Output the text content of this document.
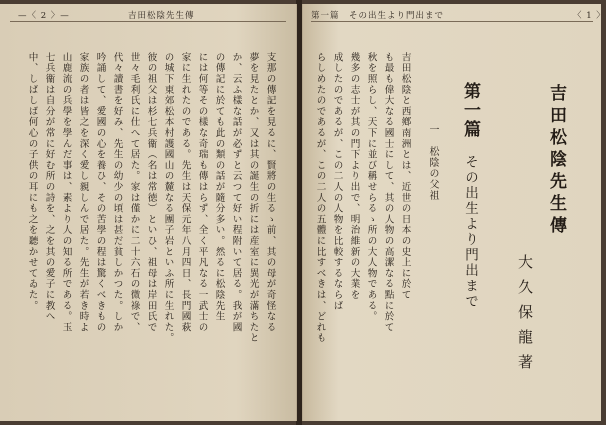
—〈 2 〉—	吉田松陰先生傳
支那の傳記を見るに、賢將の生るゝ前、其の母が奇怪なる
夢を見たとか、又は其の誕生の折には産室に異光が滿ちたと
か、云ふ樣な話が必ずと云つて好い程附いて居る。我が國
の傳記に於ても此の類の話が隨分多い。然るに松陰先生
には何等その樣な奇瑞も傳はらず、全く平凡なる一武士の
家に生れたのである。先生は天保元年八月四日、長門國萩
の城下東郊松本村護國山の麓なる團子岩といふ所に生れた。
彼の祖父は杉七兵衞（名は常徳）といひ、祖母は岸田氏で
世々毛利氏に仕へて居た。家は僅かに二十六石の微祿で、
代々讀書を好み、先生の幼少の頃は甚だ貧しかつた。しか
吟誦して、愛國の心を養ひ、その苦學の程は驚くべきもの
家族の者は皆之を深く愛し親しんで居た。先生が若き時よ
山鹿流の兵學を學んだ事は、素より人の知る所である。玉
七兵衞は自分が常に好む所の詩を、之を其の愛子に教へ
中、しばしば何心の子供の耳にも之を聽かせてゐた。
第一篇　その出生より門出まで	〈 1 〉
吉田松陰先生傳
大久保龍著
第一篇　その出生より門出まで
一　松陰の父祖
吉田松陰と西鄕南洲とは、近世の日本の史上に於て
も最も偉大なる國士にして、其の人物の高潔なる點に於て
秋を照らし、天下に並び稱せらるゝ所の大人物である。
幾多の志士が其の門下より出で、明治維新の大業を
成したのであるが、この二人の人物を比較するならば
らしめたのであるが、この二人の五體に比すべきは、どれも
